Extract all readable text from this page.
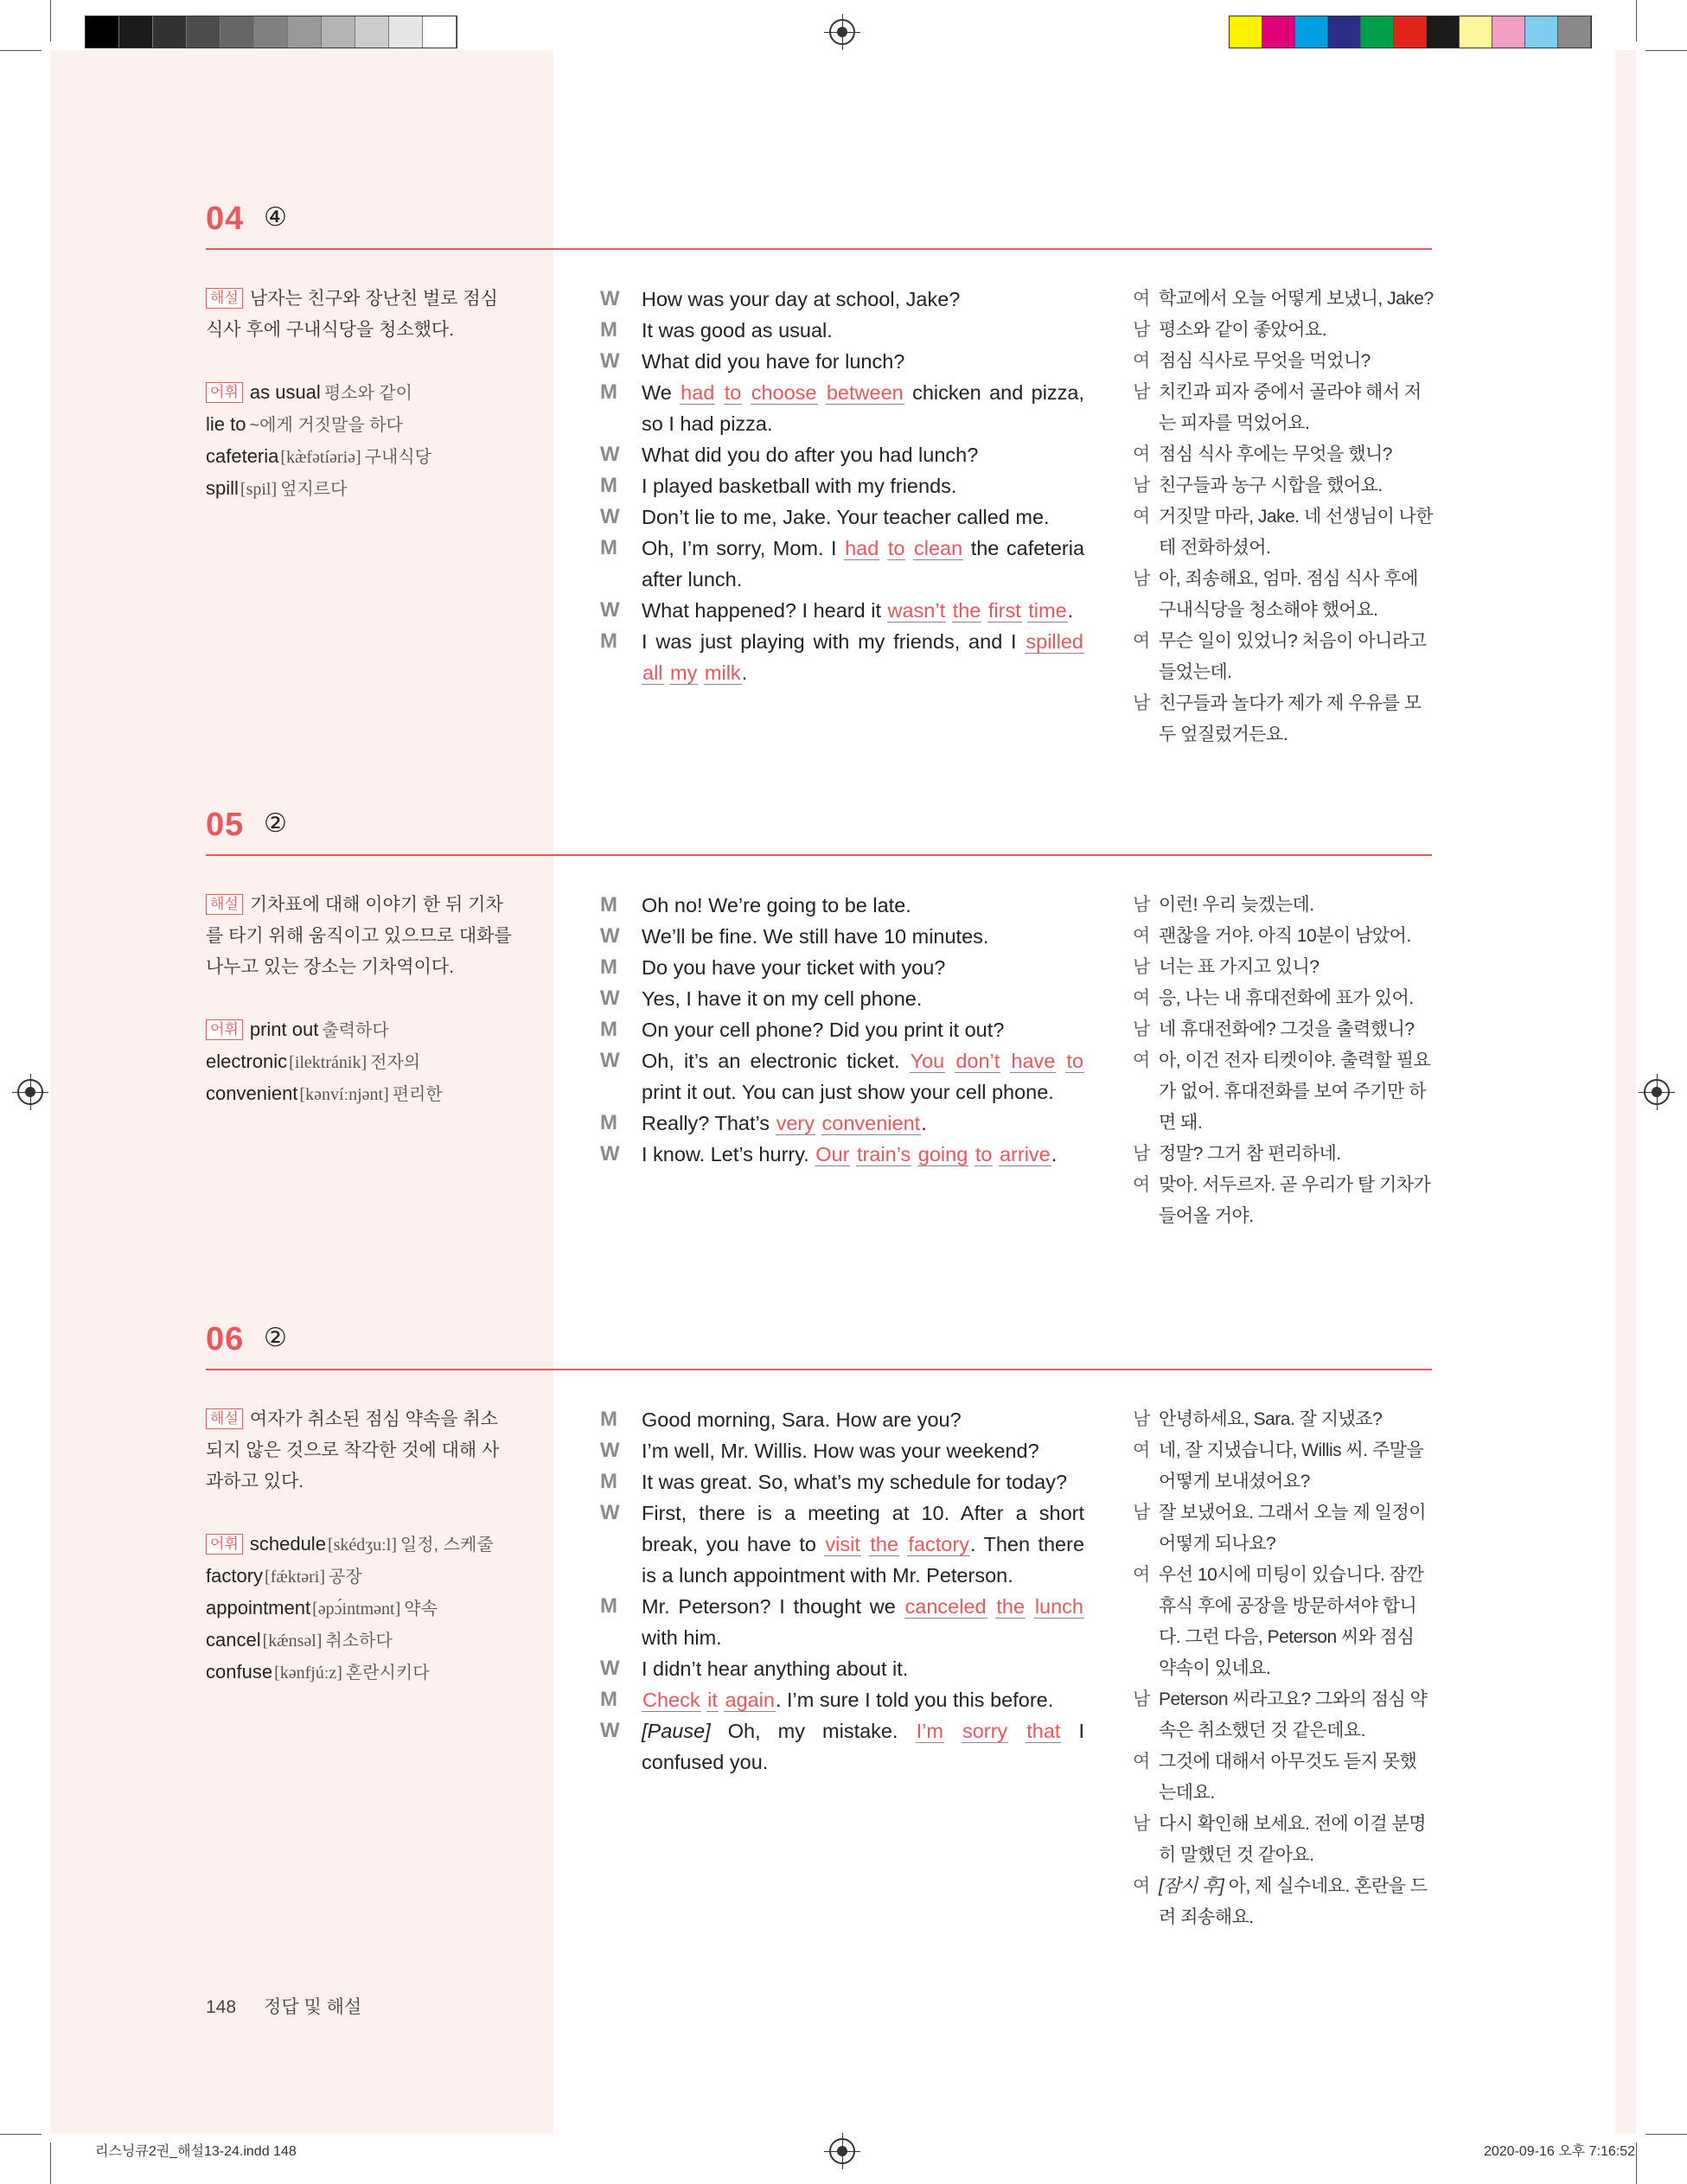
04 ④
해설 남자는 친구와 장난친 벌로 점심 식사 후에 구내식당을 청소했다.
어휘 as usual 평소와 같이
lie to ~에게 거짓말을 하다
cafeteria [kæ̀fətíəriə] 구내식당
spill [spil] 엎지르다
W How was your day at school, Jake?
M It was good as usual.
W What did you have for lunch?
M We had to choose between chicken and pizza, so I had pizza.
W What did you do after you had lunch?
M I played basketball with my friends.
W Don’t lie to me, Jake. Your teacher called me.
M Oh, I’m sorry, Mom. I had to clean the cafeteria after lunch.
W What happened? I heard it wasn’t the first time.
M I was just playing with my friends, and I spilled all my milk.
여 학교에서 오늘 어떻게 보냈니, Jake?
남 평소와 같이 좋았어요.
여 점심 식사로 무엇을 먹었니?
남 치킨과 피자 중에서 골라야 해서 저는 피자를 먹었어요.
여 점심 식사 후에는 무엇을 했니?
남 친구들과 농구 시합을 했어요.
여 거짓말 마라, Jake. 네 선생님이 나한테 전화하셨어.
남 아, 죄송해요, 엄마. 점심 식사 후에 구내식당을 청소해야 했어요.
여 무슨 일이 있었니? 처음이 아니라고 들었는데.
남 친구들과 놀다가 제가 제 우유를 모두 엎질렀거든요.
05 ②
해설 기차표에 대해 이야기 한 뒤 기차를 타기 위해 움직이고 있으므로 대화를 나누고 있는 장소는 기차역이다.
어휘 print out 출력하다
electronic [ilektránik] 전자의
convenient [kənvíːnjənt] 편리한
M Oh no! We’re going to be late.
W We’ll be fine. We still have 10 minutes.
M Do you have your ticket with you?
W Yes, I have it on my cell phone.
M On your cell phone? Did you print it out?
W Oh, it’s an electronic ticket. You don’t have to print it out. You can just show your cell phone.
M Really? That’s very convenient.
W I know. Let’s hurry. Our train’s going to arrive.
남 이런! 우리 늦겠는데.
여 괜찮을 거야. 아직 10분이 남았어.
남 너는 표 가지고 있니?
여 응, 나는 내 휴대전화에 표가 있어.
남 네 휴대전화에? 그것을 출력했니?
여 아, 이건 전자 티켓이야. 출력할 필요가 없어. 휴대전화를 보여 주기만 하면 돼.
남 정말? 그거 참 편리하네.
여 맞아. 서두르자. 곧 우리가 탈 기차가 들어올 거야.
06 ②
해설 여자가 취소된 점심 약속을 취소되지 않은 것으로 착각한 것에 대해 사과하고 있다.
어휘 schedule [skédʒuːl] 일정, 스케줄
factory [fǽktəri] 공장
appointment [əpɔ́intmənt] 약속
cancel [kǽnsəl] 취소하다
confuse [kənfjúːz] 혼란시키다
M Good morning, Sara. How are you?
W I’m well, Mr. Willis. How was your weekend?
M It was great. So, what’s my schedule for today?
W First, there is a meeting at 10. After a short break, you have to visit the factory. Then there is a lunch appointment with Mr. Peterson.
M Mr. Peterson? I thought we canceled the lunch with him.
W I didn’t hear anything about it.
M Check it again. I’m sure I told you this before.
W [Pause] Oh, my mistake. I’m sorry that I confused you.
남 안녕하세요, Sara. 잘 지냈죠?
여 네, 잘 지냈습니다, Willis 씨. 주말을 어떻게 보내셨어요?
남 잘 보냈어요. 그래서 오늘 제 일정이 어떻게 되나요?
여 우선 10시에 미팅이 있습니다. 잠깐 휴식 후에 공장을 방문하셔야 합니다. 그런 다음, Peterson 씨와 점심 약속이 있네요.
남 Peterson 씨라고요? 그와의 점심 약속은 취소했던 것 같은데요.
여 그것에 대해서 아무것도 듣지 못했는데요.
남 다시 확인해 보세요. 전에 이걸 분명히 말했던 것 같아요.
여 [잠시 후] 아, 제 실수네요. 혼란을 드려 죄송해요.
148 정답 및 해설
리스닝큐2권_해설13-24.indd 148	2020-09-16 오후 7:16:52
